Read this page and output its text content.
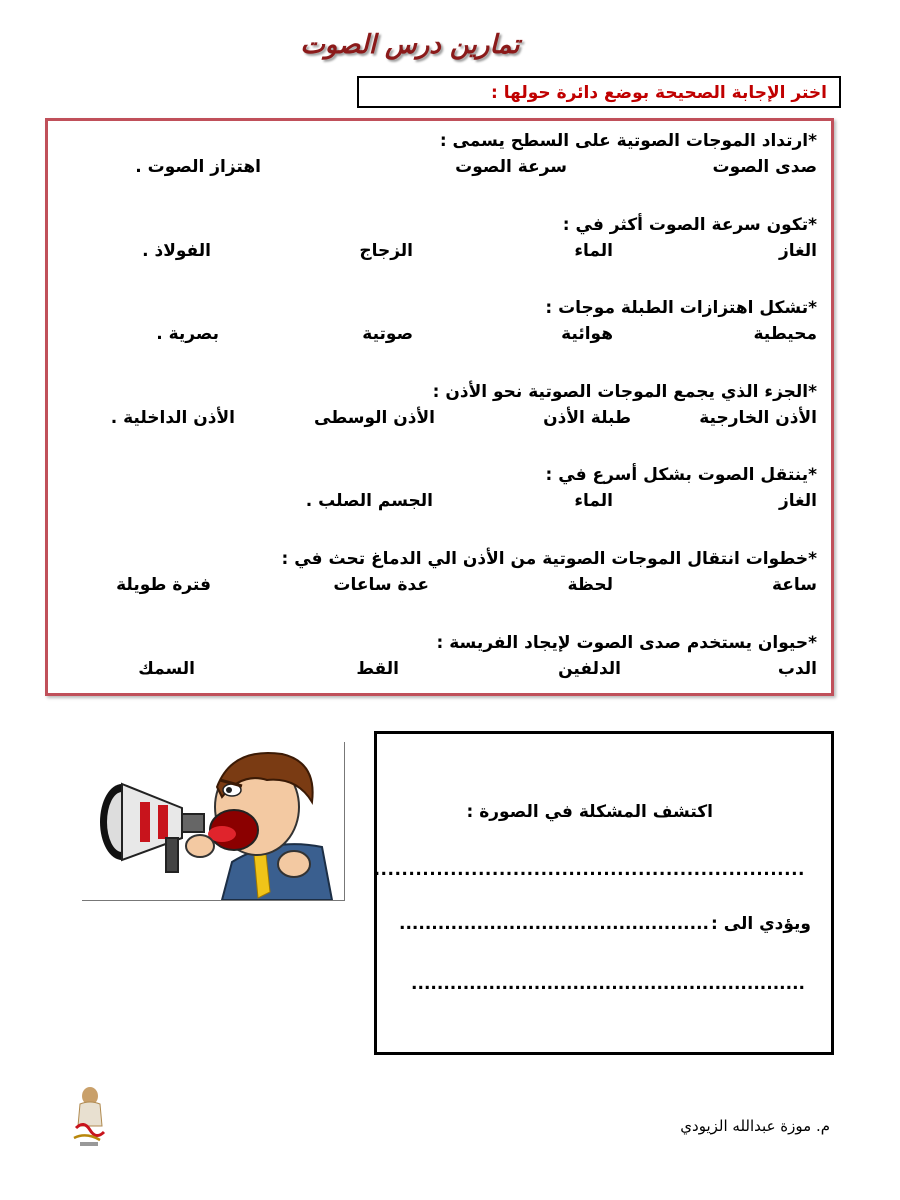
تمارين درس الصوت
اختر الإجابة الصحيحة بوضع دائرة حولها :
*ارتداد الموجات الصوتية على السطح يسمى :
صدى الصوت
سرعة الصوت
اهتزاز الصوت .
*تكون سرعة الصوت أكثر في :
الغاز
الماء
الزجاج
الفولاذ .
*تشكل اهتزازات الطبلة موجات :
محيطية
هوائية
صوتية
بصرية .
*الجزء الذي يجمع الموجات الصوتية نحو الأذن :
الأذن الخارجية
طبلة الأذن
الأذن الوسطى
الأذن الداخلية .
*ينتقل الصوت بشكل أسرع في :
الغاز
الماء
الجسم الصلب .
*خطوات انتقال الموجات الصوتية من الأذن الي الدماغ تحث في :
ساعة
لحظة
عدة ساعات
فترة طويلة
*حيوان يستخدم صدى الصوت لإيجاد الفريسة :
الدب
الدلفين
القط
السمك
اكتشف المشكلة في الصورة :
..............................................................
ويؤدي الى :
................................................
.............................................................
م. موزة عبدالله الزيودي
